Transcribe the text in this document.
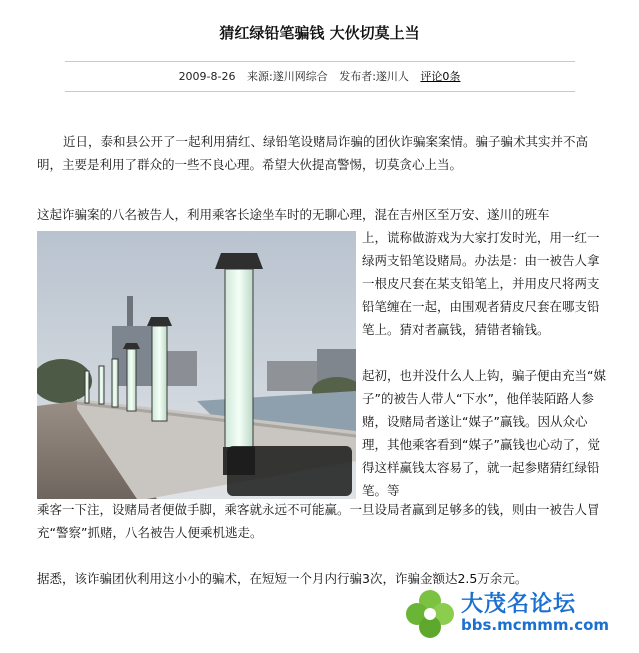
猜红绿铅笔骗钱 大伙切莫上当
2009-8-26 来源:遂川网综合 发布者:遂川人 评论0条

近日，泰和县公开了一起利用猜红、绿铅笔设赌局诈骗的团伙诈骗案案情。骗子骗术其实并不高明，主要是利用了群众的一些不良心理。希望大伙提高警惕，切莫贪心上当。

这起诈骗案的八名被告人，利用乘客长途坐车时的无聊心理，混在吉州区至万安、遂川的班车

上，谎称做游戏为大家打发时光，用一红一绿两支铅笔设赌局。办法是：由一被告人拿一根皮尺套在某支铅笔上，并用皮尺将两支铅笔缠在一起，由围观者猜皮尺套在哪支铅笔上。猜对者赢钱，猜错者输钱。

起初，也并没什么人上钩，骗子便由充当“媒子”的被告人带人“下水”，他佯装陌路人参赌，设赌局者遂让“媒子”赢钱。因从众心理，其他乘客看到“媒子”赢钱也心动了，觉得这样赢钱太容易了，就一起参赌猜红绿铅笔。等

乘客一下注，设赌局者便做手脚，乘客就永远不可能赢。一旦设局者赢到足够多的钱，则由一被告人冒充“警察”抓赌，八名被告人便乘机逃走。

据悉，该诈骗团伙利用这小小的骗术，在短短一个月内行骗3次，诈骗金额达2.5万余元。

大茂名论坛
bbs.mcmmm.com
